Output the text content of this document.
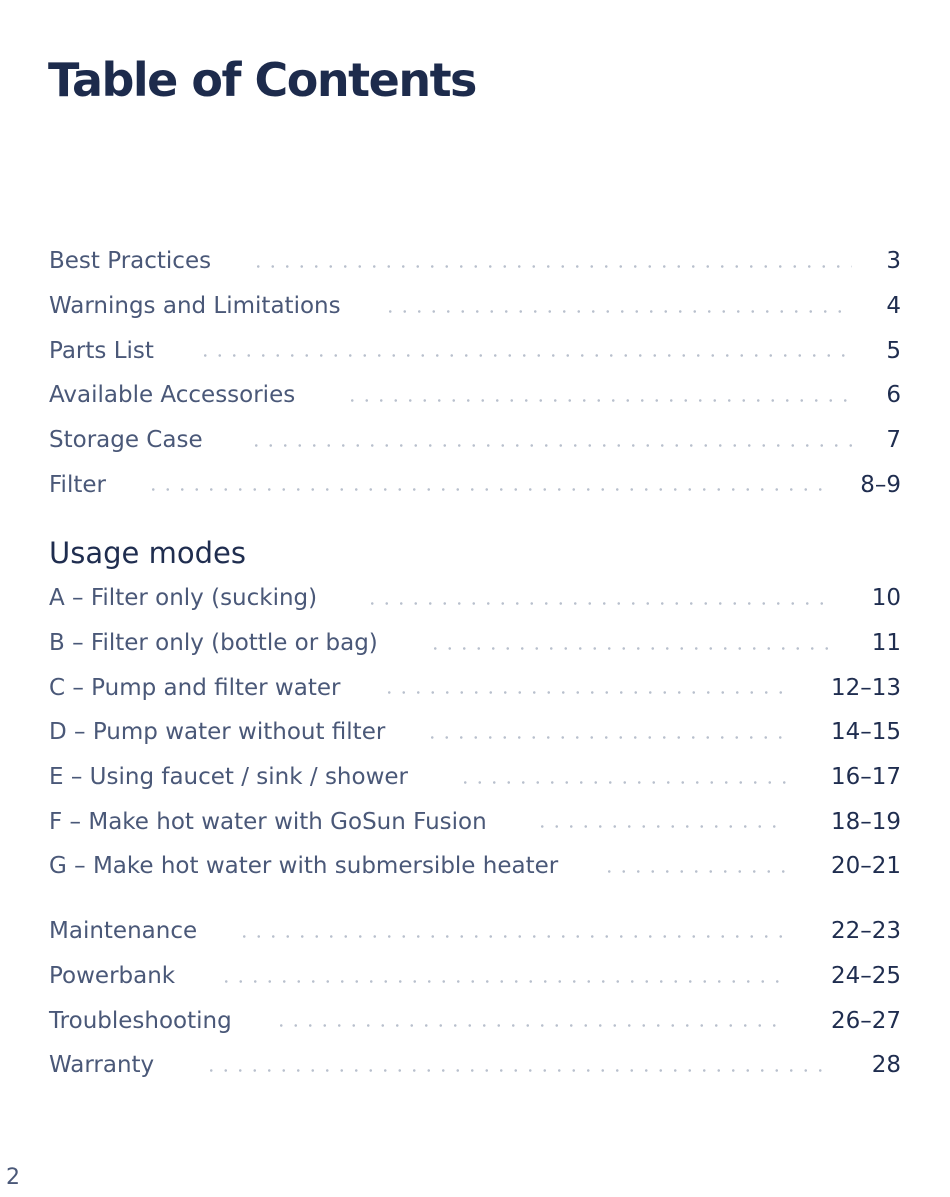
Table of Contents
Best Practices	3
Warnings and Limitations	4
Parts List	5
Available Accessories	6
Storage Case	7
Filter	8–9
Usage modes
A – Filter only (sucking)	10
B – Filter only (bottle or bag)	11
C – Pump and filter water	12–13
D – Pump water without filter	14–15
E – Using faucet / sink / shower	16–17
F – Make hot water with GoSun Fusion	18–19
G – Make hot water with submersible heater	20–21
Maintenance	22–23
Powerbank	24–25
Troubleshooting	26–27
Warranty	28
2
